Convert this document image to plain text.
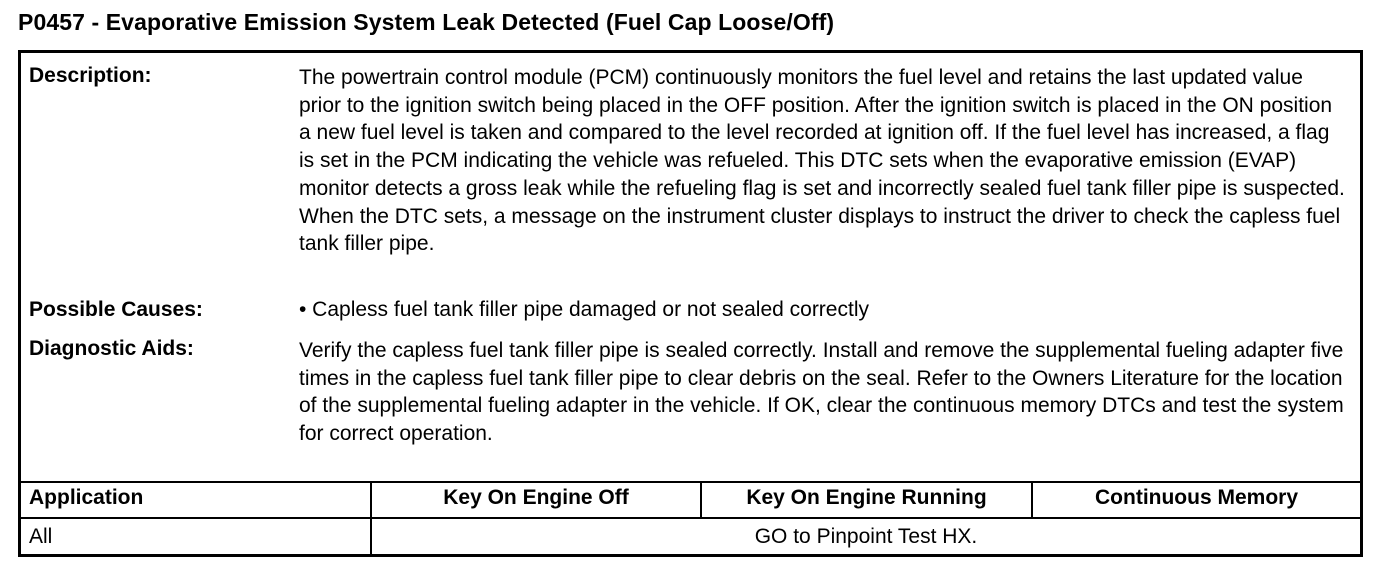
P0457 - Evaporative Emission System Leak Detected (Fuel Cap Loose/Off)
Description:	The powertrain control module (PCM) continuously monitors the fuel level and retains the last updated value prior to the ignition switch being placed in the OFF position. After the ignition switch is placed in the ON position a new fuel level is taken and compared to the level recorded at ignition off. If the fuel level has increased, a flag is set in the PCM indicating the vehicle was refueled. This DTC sets when the evaporative emission (EVAP) monitor detects a gross leak while the refueling flag is set and incorrectly sealed fuel tank filler pipe is suspected. When the DTC sets, a message on the instrument cluster displays to instruct the driver to check the capless fuel tank filler pipe.
Possible Causes:	• Capless fuel tank filler pipe damaged or not sealed correctly
Diagnostic Aids:	Verify the capless fuel tank filler pipe is sealed correctly. Install and remove the supplemental fueling adapter five times in the capless fuel tank filler pipe to clear debris on the seal. Refer to the Owners Literature for the location of the supplemental fueling adapter in the vehicle. If OK, clear the continuous memory DTCs and test the system for correct operation.
Application	Key On Engine Off	Key On Engine Running	Continuous Memory
All	GO to Pinpoint Test HX.
